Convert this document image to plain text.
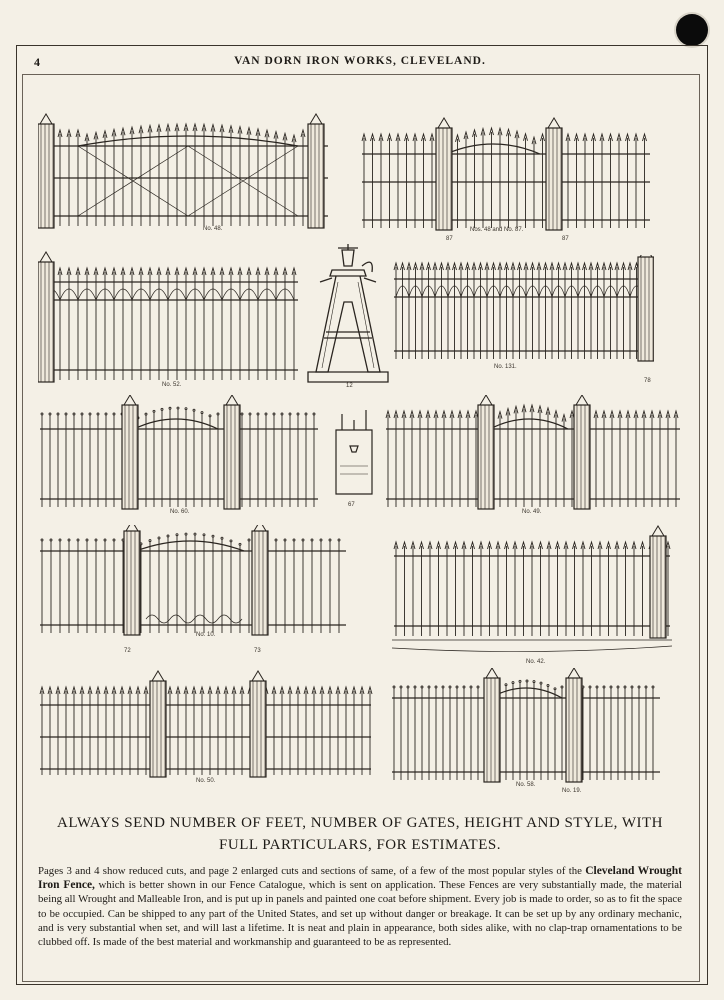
4	VAN DORN IRON WORKS, CLEVELAND.
No. 48.	Nos. 48 and No. 87.
87	87
No. 52.	12
No. 131.
78
No. 60.
67
No. 49.
No. 10.
72	73
No. 42.
No. 50.
No. 58.
No. 19.
ALWAYS SEND NUMBER OF FEET, NUMBER OF GATES, HEIGHT AND STYLE, WITH
FULL PARTICULARS, FOR ESTIMATES.

Pages 3 and 4 show reduced cuts, and page 2 enlarged cuts and sections of same, of a few of the most popular styles of the Cleveland Wrought Iron Fence, which is better shown in our Fence Catalogue, which is sent on application. These Fences are very substantially made, the material being all Wrought and Malleable Iron, and is put up in panels and painted one coat before shipment. Every job is made to order, so as to fit the space to be occupied. Can be shipped to any part of the United States, and set up without danger or breakage. It can be set up by any ordinary mechanic, and is very substantial when set, and will last a lifetime. It is neat and plain in appearance, both sides alike, with no clap-trap ornamentations to be clubbed off. Is made of the best material and workmanship and guaranteed to be as represented.
